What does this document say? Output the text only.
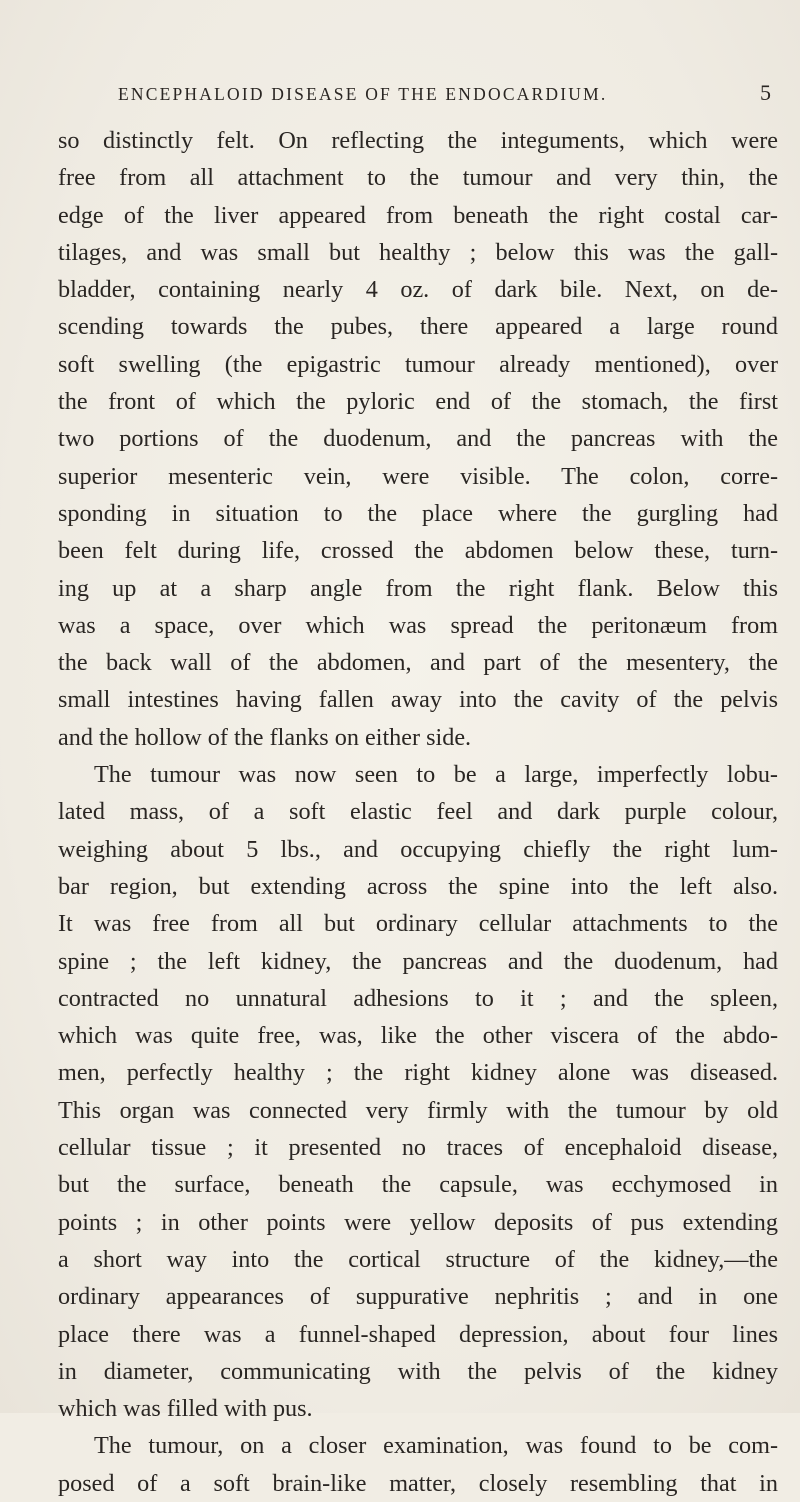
ENCEPHALOID DISEASE OF THE ENDOCARDIUM.	5
so distinctly felt. On reflecting the integuments, which were
free from all attachment to the tumour and very thin, the
edge of the liver appeared from beneath the right costal car-
tilages, and was small but healthy ; below this was the gall-
bladder, containing nearly 4 oz. of dark bile. Next, on de-
scending towards the pubes, there appeared a large round
soft swelling (the epigastric tumour already mentioned), over
the front of which the pyloric end of the stomach, the first
two portions of the duodenum, and the pancreas with the
superior mesenteric vein, were visible. The colon, corre-
sponding in situation to the place where the gurgling had
been felt during life, crossed the abdomen below these, turn-
ing up at a sharp angle from the right flank. Below this
was a space, over which was spread the peritonæum from
the back wall of the abdomen, and part of the mesentery, the
small intestines having fallen away into the cavity of the pelvis
and the hollow of the flanks on either side.
The tumour was now seen to be a large, imperfectly lobu-
lated mass, of a soft elastic feel and dark purple colour,
weighing about 5 lbs., and occupying chiefly the right lum-
bar region, but extending across the spine into the left also.
It was free from all but ordinary cellular attachments to the
spine ; the left kidney, the pancreas and the duodenum, had
contracted no unnatural adhesions to it ; and the spleen,
which was quite free, was, like the other viscera of the abdo-
men, perfectly healthy ; the right kidney alone was diseased.
This organ was connected very firmly with the tumour by old
cellular tissue ; it presented no traces of encephaloid disease,
but the surface, beneath the capsule, was ecchymosed in
points ; in other points were yellow deposits of pus extending
a short way into the cortical structure of the kidney,—the
ordinary appearances of suppurative nephritis ; and in one
place there was a funnel-shaped depression, about four lines
in diameter, communicating with the pelvis of the kidney
which was filled with pus.
The tumour, on a closer examination, was found to be com-
posed of a soft brain-like matter, closely resembling that in
